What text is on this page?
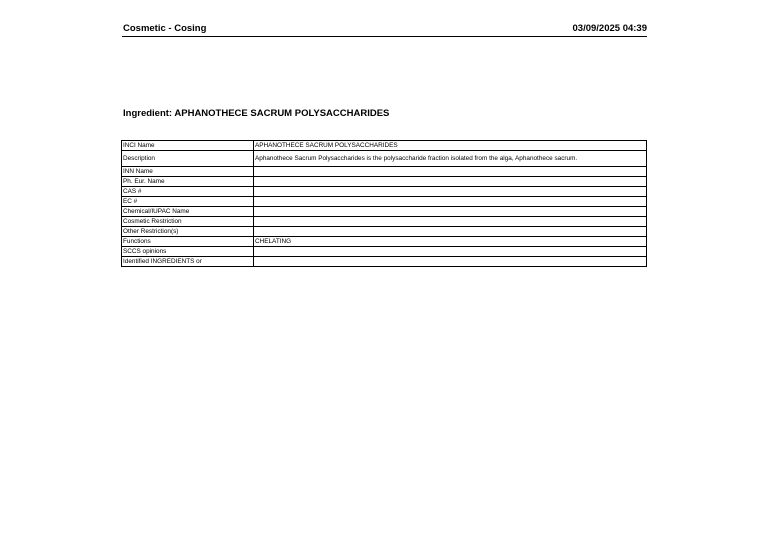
Cosmetic - Cosing	03/09/2025 04:39
Ingredient: APHANOTHECE SACRUM POLYSACCHARIDES
INCI Name	APHANOTHECE SACRUM POLYSACCHARIDES
Description	Aphanothece Sacrum Polysaccharides is the polysaccharide fraction isolated from the alga, Aphanothece sacrum.
INN Name	
Ph. Eur. Name	
CAS #	
EC #	
Chemical/IUPAC Name	
Cosmetic Restriction	
Other Restriction(s)	
Functions	CHELATING
SCCS opinions	
Identified INGREDIENTS or	
